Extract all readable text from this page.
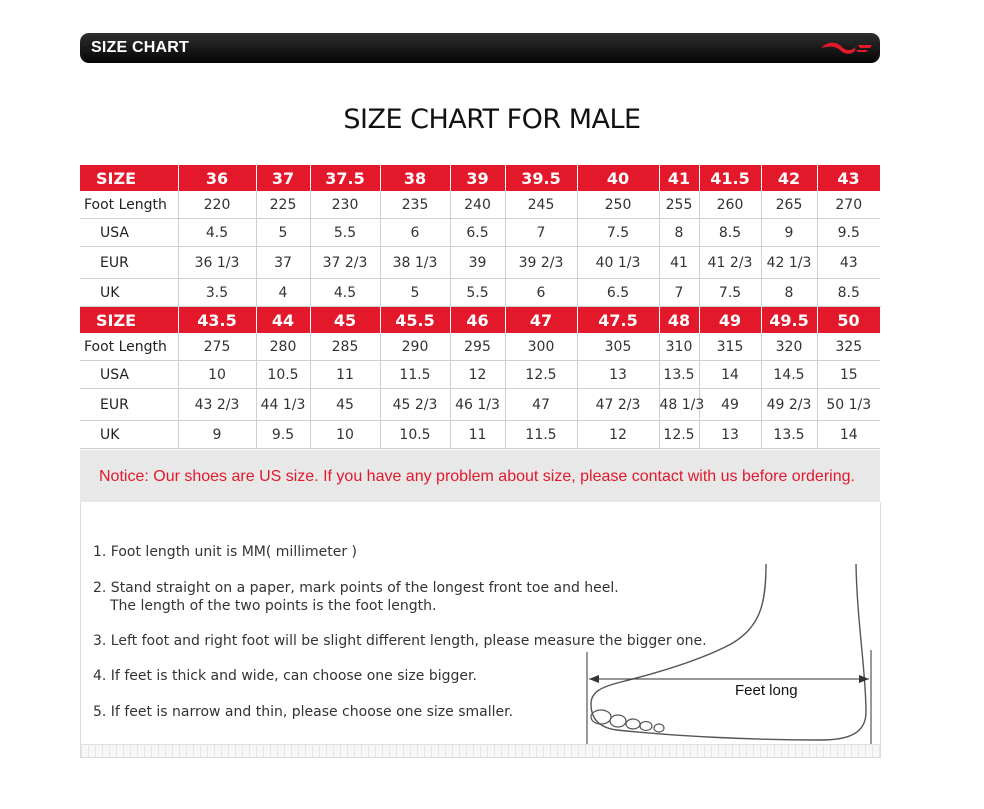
SIZE CHART
SIZE CHART FOR MALE
SIZE	36	37	37.5	38	39	39.5	40	41	41.5	42	43
Foot Length	220	225	230	235	240	245	250	255	260	265	270
USA	4.5	5	5.5	6	6.5	7	7.5	8	8.5	9	9.5
EUR	36 1/3	37	37 2/3	38 1/3	39	39 2/3	40 1/3	41	41 2/3	42 1/3	43
UK	3.5	4	4.5	5	5.5	6	6.5	7	7.5	8	8.5
SIZE	43.5	44	45	45.5	46	47	47.5	48	49	49.5	50
Foot Length	275	280	285	290	295	300	305	310	315	320	325
USA	10	10.5	11	11.5	12	12.5	13	13.5	14	14.5	15
EUR	43 2/3	44 1/3	45	45 2/3	46 1/3	47	47 2/3	48 1/3	49	49 2/3	50 1/3
UK	9	9.5	10	10.5	11	11.5	12	12.5	13	13.5	14
Notice: Our shoes are US size. If you have any problem about size, please contact with us before ordering.
1. Foot length unit is MM( millimeter )
2. Stand straight on a paper, mark points of the longest front toe and heel.
The length of the two points is the foot length.
3. Left foot and right foot will be slight different length, please measure the bigger one.
4. If feet is thick and wide, can choose one size bigger.
5. If feet is narrow and thin, please choose one size smaller.
Feet long
